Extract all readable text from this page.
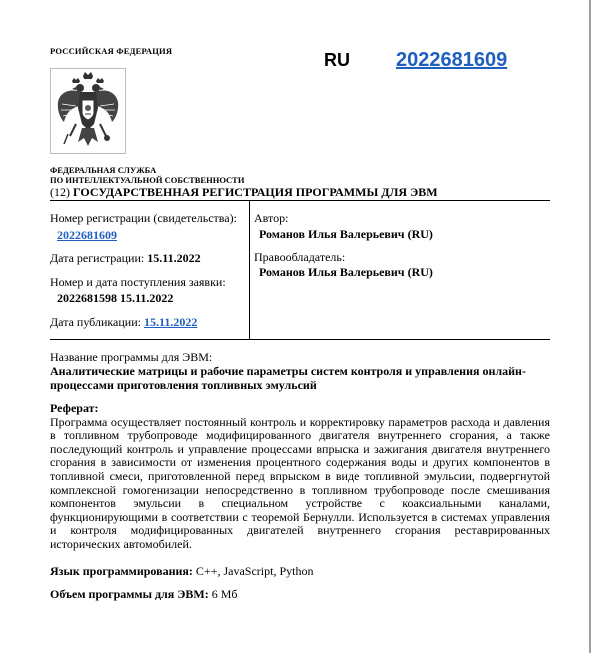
РОССИЙСКАЯ ФЕДЕРАЦИЯ	RU 2022681609
ФЕДЕРАЛЬНАЯ СЛУЖБА
ПО ИНТЕЛЛЕКТУАЛЬНОЙ СОБСТВЕННОСТИ
(12) ГОСУДАРСТВЕННАЯ РЕГИСТРАЦИЯ ПРОГРАММЫ ДЛЯ ЭВМ
Номер регистрации (свидетельства):
2022681609
Дата регистрации: 15.11.2022
Номер и дата поступления заявки:
2022681598 15.11.2022
Дата публикации: 15.11.2022
Автор:
Романов Илья Валерьевич (RU)
Правообладатель:
Романов Илья Валерьевич (RU)
Название программы для ЭВМ:
Аналитические матрицы и рабочие параметры систем контроля и управления онлайн-процессами приготовления топливных эмульсий
Реферат:
Программа осуществляет постоянный контроль и корректировку параметров расхода и давления в топливном трубопроводе модифицированного двигателя внутреннего сгорания, а также последующий контроль и управление процессами впрыска и зажигания двигателя внутреннего сгорания в зависимости от изменения процентного содержания воды и других компонентов в топливной смеси, приготовленной перед впрыском в виде топливной эмульсии, подвергнутой комплексной гомогенизации непосредственно в топливном трубопроводе после смешивания компонентов эмульсии в специальном устройстве с коаксиальными каналами, функционирующими в соответствии с теоремой Бернулли. Используется в системах управления и контроля модифицированных двигателей внутреннего сгорания реставрированных исторических автомобилей.
Язык программирования: C++, JavaScript, Python
Объем программы для ЭВМ: 6 Мб
